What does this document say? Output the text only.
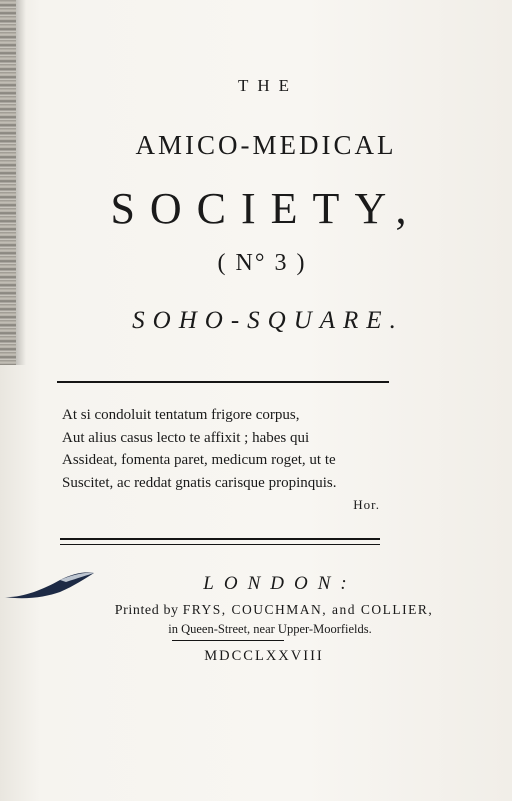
THE
AMICO-MEDICAL
SOCIETY,
( N° 3 )
SOHO-SQUARE.
At si condoluit tentatum frigore corpus,
Aut alius casus lecto te affixit ; habes qui
Assideat, fomenta paret, medicum roget, ut te
Suscitet, ac reddat gnatis carisque propinquis.
Hor.
LONDON:
Printed by FRYS, COUCHMAN, and COLLIER,
in Queen-Street, near Upper-Moorfields.
MDCCLXXVIII
